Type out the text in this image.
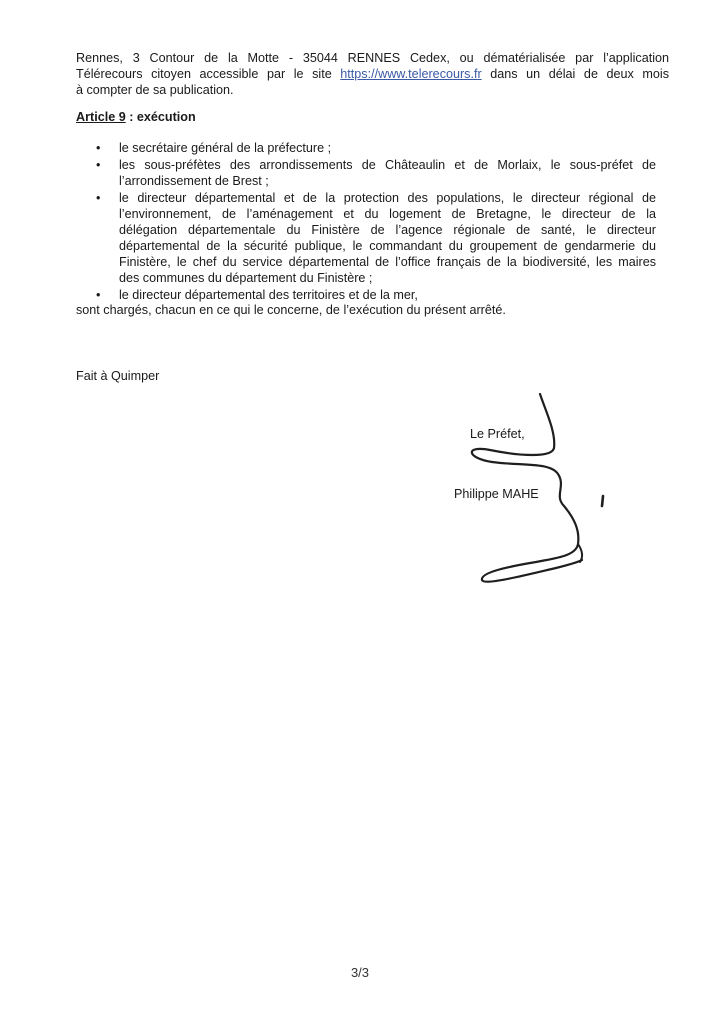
Rennes, 3 Contour de la Motte - 35044 RENNES Cedex, ou dématérialisée par l’application
Télérecours citoyen accessible par le site https://www.telerecours.fr dans un délai de deux mois
à compter de sa publication.
Article 9 : exécution
• le secrétaire général de la préfecture ;
• les sous-préfètes des arrondissements de Châteaulin et de Morlaix, le sous-préfet de
l’arrondissement de Brest ;
• le directeur départemental et de la protection des populations, le directeur régional de
l’environnement, de l’aménagement et du logement de Bretagne, le directeur de la
délégation départementale du Finistère de l’agence régionale de santé, le directeur
départemental de la sécurité publique, le commandant du groupement de gendarmerie du
Finistère, le chef du service départemental de l’office français de la biodiversité, les maires
des communes du département du Finistère ;
• le directeur départemental des territoires et de la mer,
sont chargés, chacun en ce qui le concerne, de l’exécution du présent arrêté.
Fait à Quimper
Le Préfet,
Philippe MAHE
3/3
